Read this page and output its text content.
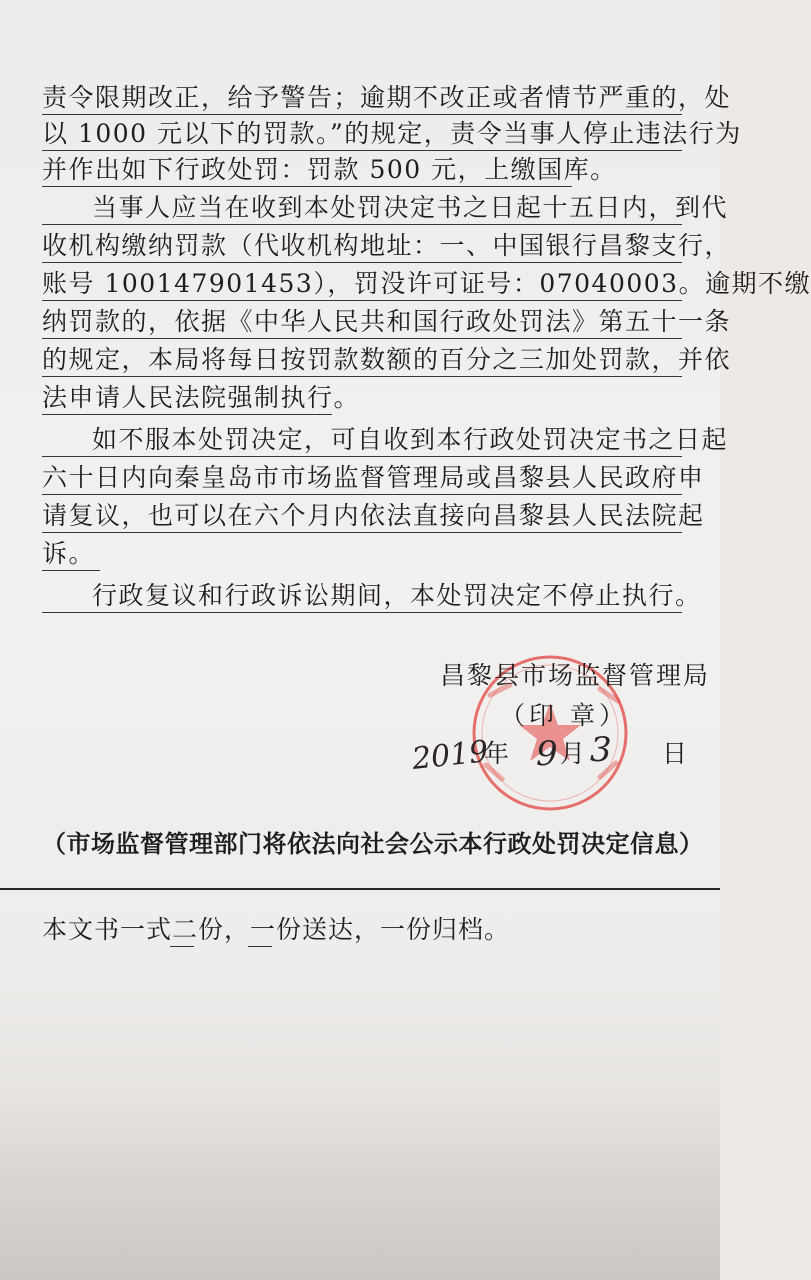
责令限期改正，给予警告；逾期不改正或者情节严重的，处
以 1000 元以下的罚款。”的规定，责令当事人停止违法行为
并作出如下行政处罚：罚款 500 元，上缴国库。
当事人应当在收到本处罚决定书之日起十五日内，到代
收机构缴纳罚款（代收机构地址：一、中国银行昌黎支行，
账号 100147901453），罚没许可证号：07040003。逾期不缴
纳罚款的，依据《中华人民共和国行政处罚法》第五十一条
的规定，本局将每日按罚款数额的百分之三加处罚款，并依
法申请人民法院强制执行。
如不服本处罚决定，可自收到本行政处罚决定书之日起
六十日内向秦皇岛市市场监督管理局或昌黎县人民政府申
请复议，也可以在六个月内依法直接向昌黎县人民法院起
诉。
行政复议和行政诉讼期间，本处罚决定不停止执行。
昌黎县市场监督管理局
（印 章）
2019
年 9 月 3 日
（市场监督管理部门将依法向社会公示本行政处罚决定信息）
本文书一式二份，一份送达，一份归档。
